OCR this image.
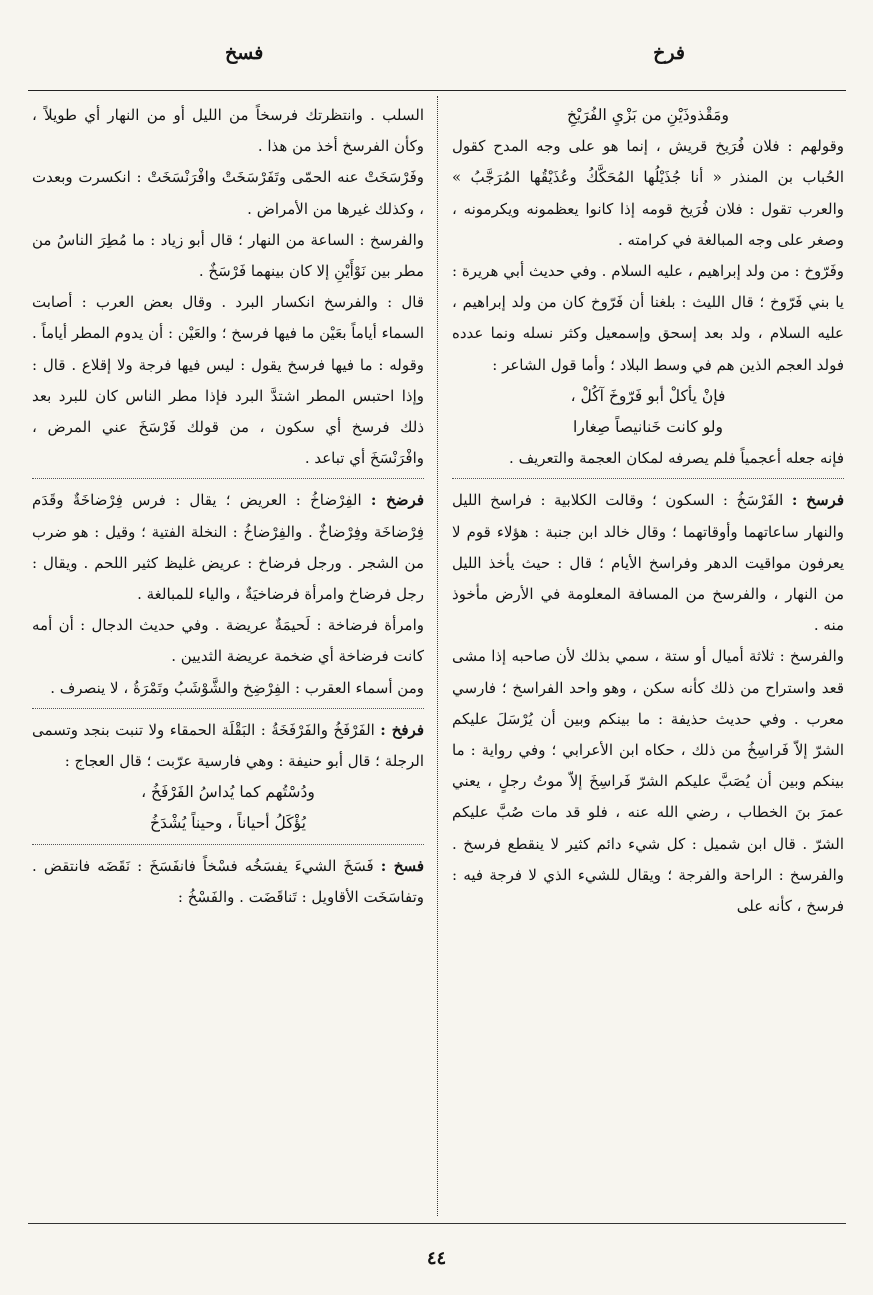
فرخ
فسخ

ومَقْذوذَيْنِ من بَزْيِ الفُرَيْخِ

وقولهم : فلان فُرَيخ قريش ، إنما هو على وجه المدح كقول الحُباب بن المنذر « أنا جُذَيْلُها المُحَكَّكُ وعُذَيْقُها المُرَجَّبُ » والعرب تقول : فلان فُرَيخ قومه إذا كانوا يعظمونه ويكرمونه ، وصغر على وجه المبالغة في كرامته .

وفَرّوخ : من ولد إبراهيم ، عليه السلام . وفي حديث أبي هريرة : يا بني فَرّوخ ؛ قال الليث : بلغنا أن فَرّوخ كان من ولد إبراهيم ، عليه السلام ، ولد بعد إسحق وإسمعيل وكثر نسله ونما عدده فولد العجم الذين هم في وسط البلاد ؛ وأما قول الشاعر :

فإنْ يأكلْ أبو فَرّوخَ آكُلْ ،

ولو كانت خَنانيصاً صِغارا

فإنه جعله أعجمياً فلم يصرفه لمكان العجمة والتعريف .

فرسخ : الفَرْسَخُ : السكون ؛ وقالت الكلابية : فراسخ الليل والنهار ساعاتهما وأوقاتهما ؛ وقال خالد ابن جنبة : هؤلاء قوم لا يعرفون مواقيت الدهر وفراسخ الأيام ؛ قال : حيث يأخذ الليل من النهار ، والفرسخ من المسافة المعلومة في الأرض مأخوذ منه .

والفرسخ : ثلاثة أميال أو ستة ، سمي بذلك لأن صاحبه إذا مشى قعد واستراح من ذلك كأنه سكن ، وهو واحد الفراسخ ؛ فارسي معرب . وفي حديث حذيفة : ما بينكم وبين أن يُرْسَلَ عليكم الشرّ إلاّ فَراسِخُ من ذلك ، حكاه ابن الأعرابي ؛ وفي رواية : ما بينكم وبين أن يُصَبَّ عليكم الشرّ فَراسِخَ إلاّ موتُ رجلٍ ، يعني عمرَ بنَ الخطاب ، رضي الله عنه ، فلو قد مات صُبَّ عليكم الشرّ . قال ابن شميل : كل شيء دائم كثير لا ينقطع فرسخ . والفرسخ : الراحة والفرجة ؛ ويقال للشيء الذي لا فرجة فيه : فرسخ ، كأنه على

السلب . وانتظرتك فرسخاً من الليل أو من النهار أي طويلاً ، وكأن الفرسخ أخذ من هذا .

وفَرْسَخَتْ عنه الحمّى وتَفَرْسَخَتْ وافْرَنْسَخَتْ : انكسرت وبعدت ، وكذلك غيرها من الأمراض .

والفرسخ : الساعة من النهار ؛ قال أبو زياد : ما مُطِرَ الناسُ من مطر بين نَوْأَيْنِ إلا كان بينهما فَرْسَخٌ .

قال : والفرسخ انكسار البرد . وقال بعض العرب : أصابت السماء أياماً بعَيْن ما فيها فرسخ ؛ والعَيْن : أن يدوم المطر أياماً . وقوله : ما فيها فرسخ يقول : ليس فيها فرجة ولا إقلاع . قال : وإذا احتبس المطر اشتدَّ البرد فإذا مطر الناس كان للبرد بعد ذلك فرسخ أي سكون ، من قولك فَرْسَخَ عني المرض ، وافْرَنْسَخَ أي تباعد .

فرضخ : الفِرْضاخُ : العريض ؛ يقال : فرس فِرْضاخَةٌ وقَدَم فِرْضاخَة وفِرْضاخٌ . والفِرْضاخُ : النخلة الفتية ؛ وقيل : هو ضرب من الشجر . ورجل فرضاخ : عريض غليظ كثير اللحم . ويقال : رجل فرضاخ وامرأة فرضاخيَةٌ ، والياء للمبالغة .

وامرأة فرضاخة : لَحيمَةٌ عريضة . وفي حديث الدجال : أن أمه كانت فرضاخة أي ضخمة عريضة الثديين .

ومن أسماء العقرب : الفِرْضِخ والشَّوْشَبُ وتَمْرَةُ ، لا ينصرف .

فرفخ : الفَرْفَخُ والفَرْفَخَةُ : البَقْلَة الحمقاء ولا تنبت بنجد وتسمى الرجلة ؛ قال أبو حنيفة : وهي فارسية عرّبت ؛ قال العجاج :

ودُسْتُهم كما يُداسُ الفَرْفَخُ ،

يُؤْكَلُ أحياناً ، وحيناً يُشْدَخُ

فسخ : فَسَخَ الشيءَ يفسَخُه فسْخاً فانفَسَخَ : نَقَضَه فانتقض . وتفاسَخَت الأقاويل : تَناقَضَت . والفَسْخُ :

٤٤
